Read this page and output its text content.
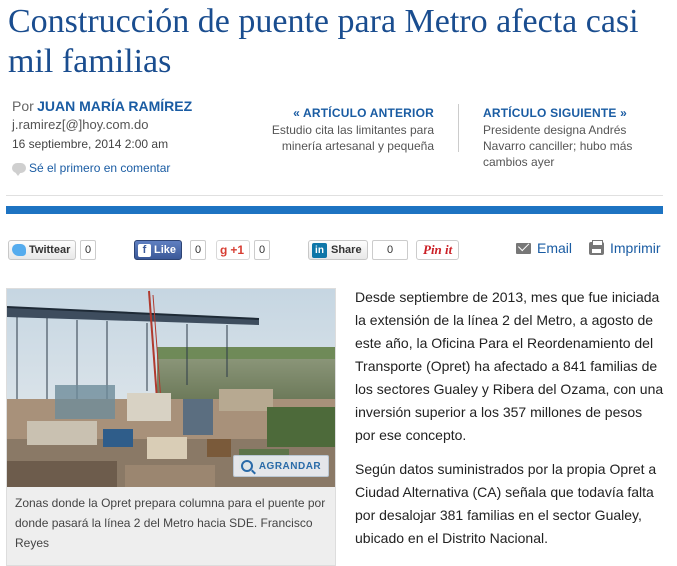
Construcción de puente para Metro afecta casi mil familias
Por JUAN MARÍA RAMÍREZ
j.ramirez[@]hoy.com.do
16 septiembre, 2014 2:00 am
Sé el primero en comentar
« ARTÍCULO ANTERIOR
Estudio cita las limitantes para minería artesanal y pequeña
ARTÍCULO SIGUIENTE »
Presidente designa Andrés Navarro canciller; hubo más cambios ayer
Twittear	0	f Like	0	g +1	0	in Share	0	Pin it	Email	Imprimir
AGRANDAR
Zonas donde la Opret prepara columna para el puente por donde pasará la línea 2 del Metro hacia SDE. Francisco Reyes

Desde septiembre de 2013, mes que fue iniciada la extensión de la línea 2 del Metro, a agosto de este año, la Oficina Para el Reordenamiento del Transporte (Opret) ha afectado a 841 familias de los sectores Gualey y Ribera del Ozama, con una inversión superior a los 357 millones de pesos por ese concepto.

Según datos suministrados por la propia Opret a Ciudad Alternativa (CA) señala que todavía falta por desalojar 381 familias en el sector Gualey, ubicado en el Distrito Nacional.
